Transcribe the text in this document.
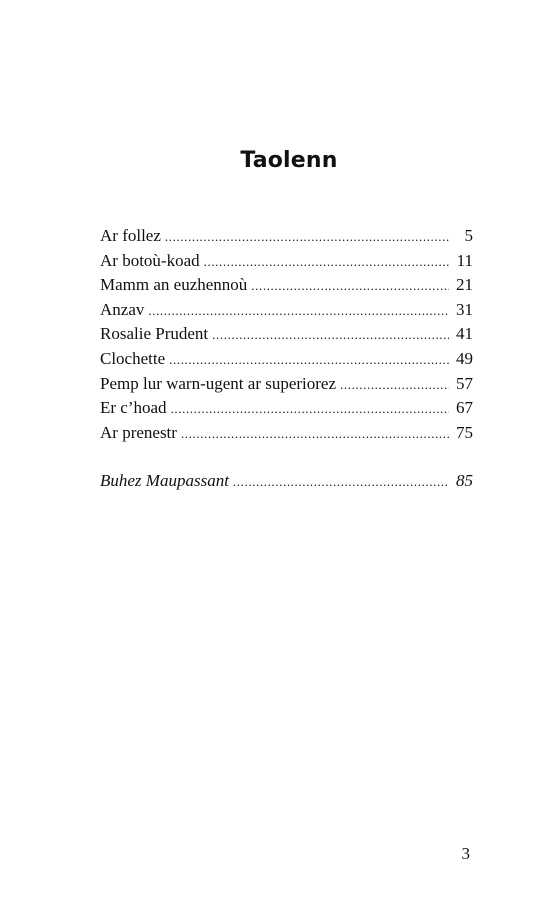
Taolenn
Ar follez .....	5
Ar botoù-koad .....	11
Mamm an euzhennoù .....	21
Anzav .....	31
Rosalie Prudent .....	41
Clochette .....	49
Pemp lur warn-ugent ar superiorez .....	57
Er c’hoad .....	67
Ar prenestr .....	75
Buhez Maupassant .....	85
3
